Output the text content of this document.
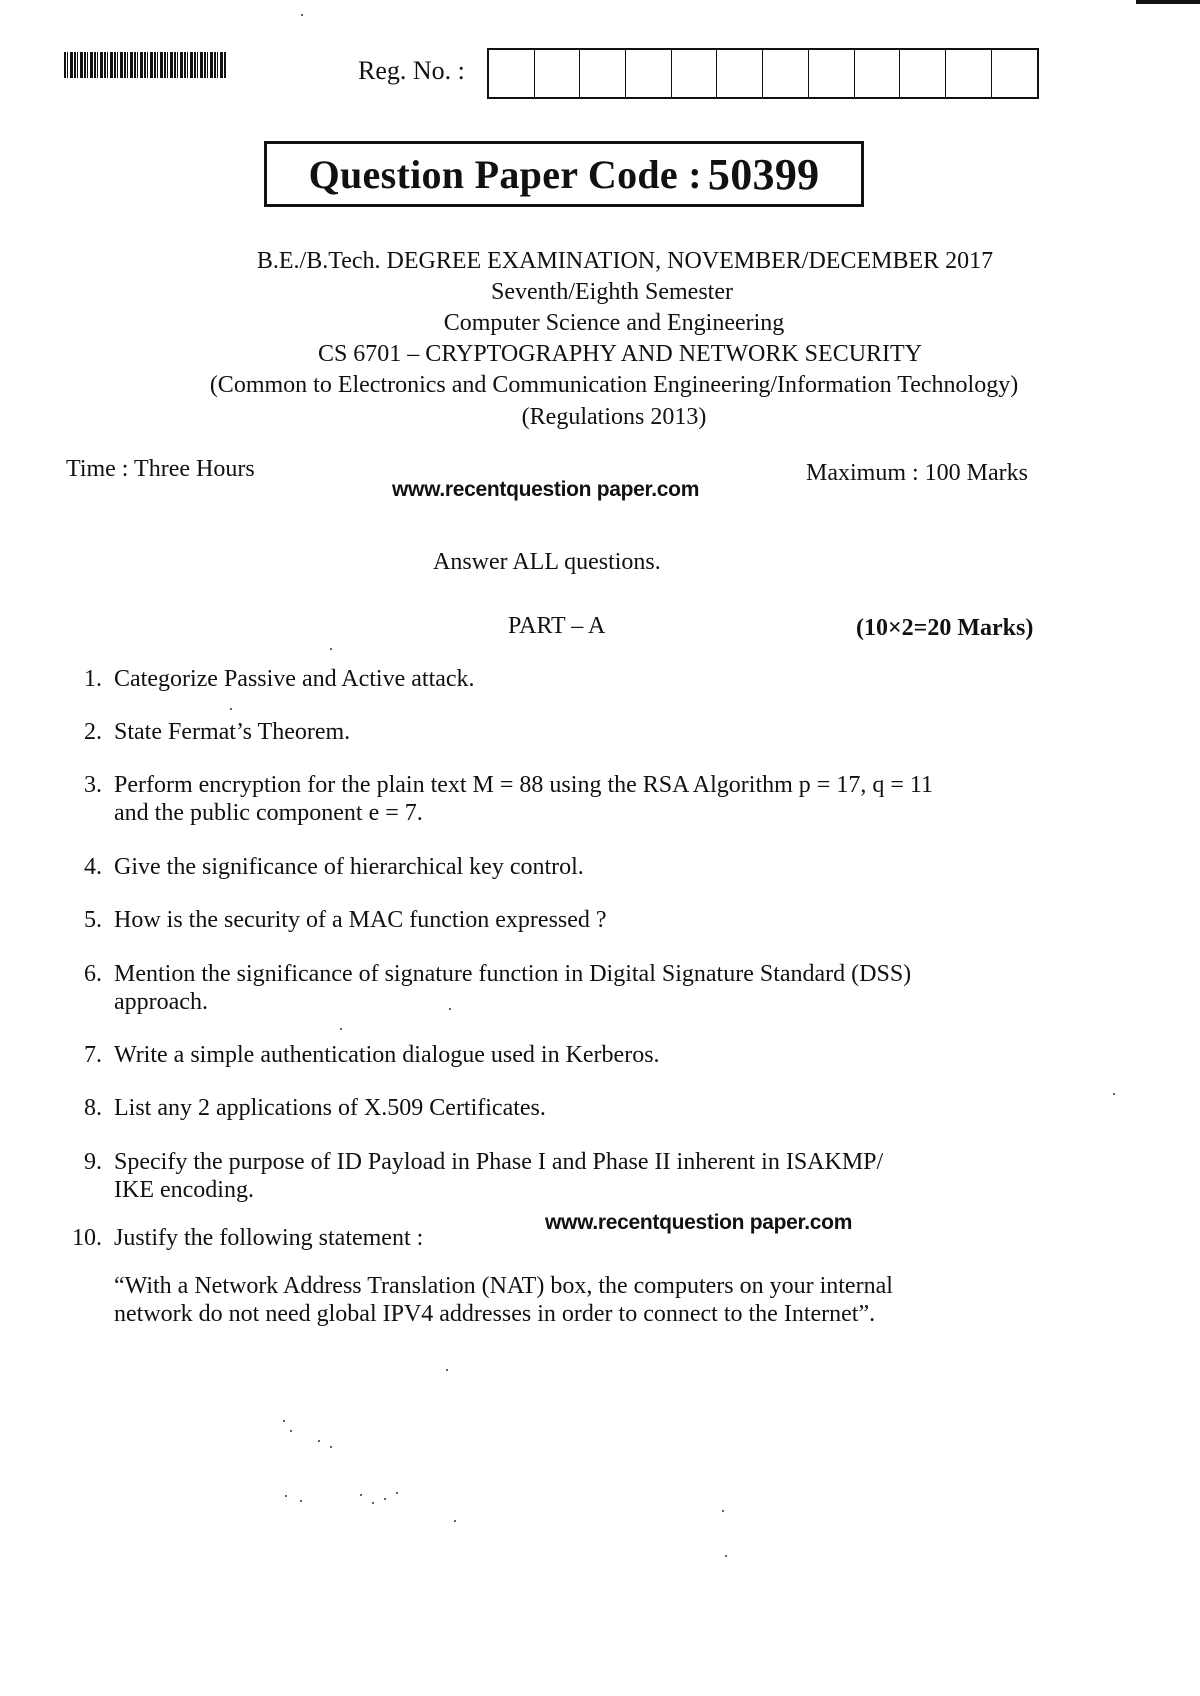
Reg. No. :
Question Paper Code : 50399
B.E./B.Tech. DEGREE EXAMINATION, NOVEMBER/DECEMBER 2017
Seventh/Eighth Semester
Computer Science and Engineering
CS 6701 – CRYPTOGRAPHY AND NETWORK SECURITY
(Common to Electronics and Communication Engineering/Information Technology)
(Regulations 2013)
Time : Three Hours	Maximum : 100 Marks
www.recentquestion paper.com
Answer ALL questions.
PART – A	(10×2=20 Marks)
1. Categorize Passive and Active attack.
2. State Fermat’s Theorem.
3. Perform encryption for the plain text M = 88 using the RSA Algorithm p = 17, q = 11
and the public component e = 7.
4. Give the significance of hierarchical key control.
5. How is the security of a MAC function expressed ?
6. Mention the significance of signature function in Digital Signature Standard (DSS)
approach.
7. Write a simple authentication dialogue used in Kerberos.
8. List any 2 applications of X.509 Certificates.
9. Specify the purpose of ID Payload in Phase I and Phase II inherent in ISAKMP/
IKE encoding.
10. Justify the following statement :
www.recentquestion paper.com
“With a Network Address Translation (NAT) box, the computers on your internal
network do not need global IPV4 addresses in order to connect to the Internet”.
